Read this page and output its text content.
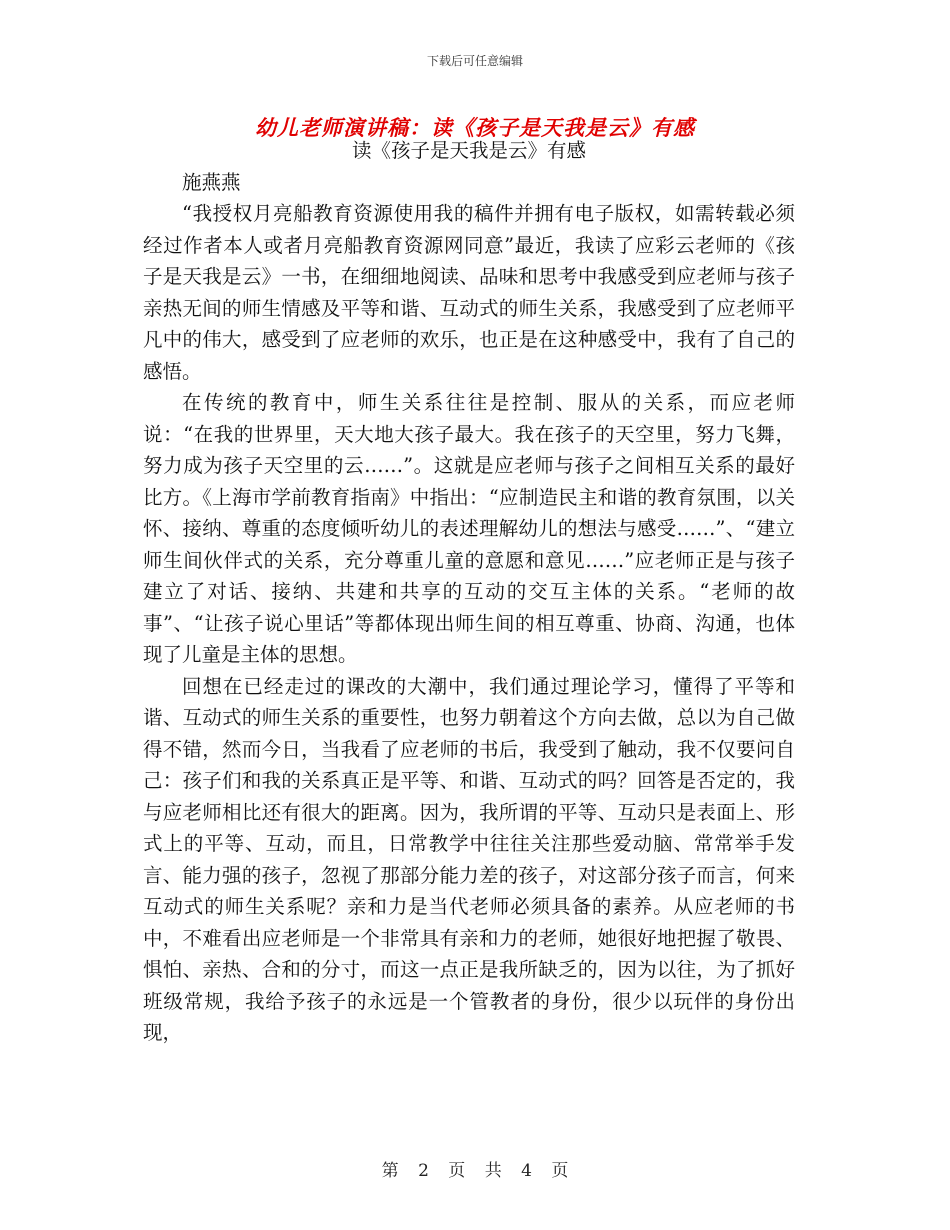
下载后可任意编辑
幼儿老师演讲稿：读《孩子是天我是云》有感

读《孩子是天我是云》有感

施燕燕

“我授权月亮船教育资源使用我的稿件并拥有电子版权，如需转载必须经过作者本人或者月亮船教育资源网同意”最近，我读了应彩云老师的《孩子是天我是云》一书，在细细地阅读、品味和思考中我感受到应老师与孩子亲热无间的师生情感及平等和谐、互动式的师生关系，我感受到了应老师平凡中的伟大，感受到了应老师的欢乐，也正是在这种感受中，我有了自己的感悟。

在传统的教育中，师生关系往往是控制、服从的关系，而应老师说：“在我的世界里，天大地大孩子最大。我在孩子的天空里，努力飞舞，努力成为孩子天空里的云……”。这就是应老师与孩子之间相互关系的最好比方。《上海市学前教育指南》中指出：“应制造民主和谐的教育氛围，以关怀、接纳、尊重的态度倾听幼儿的表述理解幼儿的想法与感受……”、“建立师生间伙伴式的关系，充分尊重儿童的意愿和意见……”应老师正是与孩子建立了对话、接纳、共建和共享的互动的交互主体的关系。“老师的故事”、“让孩子说心里话”等都体现出师生间的相互尊重、协商、沟通，也体现了儿童是主体的思想。

回想在已经走过的课改的大潮中，我们通过理论学习，懂得了平等和谐、互动式的师生关系的重要性，也努力朝着这个方向去做，总以为自己做得不错，然而今日，当我看了应老师的书后，我受到了触动，我不仅要问自己：孩子们和我的关系真正是平等、和谐、互动式的吗？回答是否定的，我与应老师相比还有很大的距离。因为，我所谓的平等、互动只是表面上、形式上的平等、互动，而且，日常教学中往往关注那些爱动脑、常常举手发言、能力强的孩子，忽视了那部分能力差的孩子，对这部分孩子而言，何来互动式的师生关系呢？亲和力是当代老师必须具备的素养。从应老师的书中，不难看出应老师是一个非常具有亲和力的老师，她很好地把握了敬畏、惧怕、亲热、合和的分寸，而这一点正是我所缺乏的，因为以往，为了抓好班级常规，我给予孩子的永远是一个管教者的身份，很少以玩伴的身份出现，

第 2 页 共 4 页
